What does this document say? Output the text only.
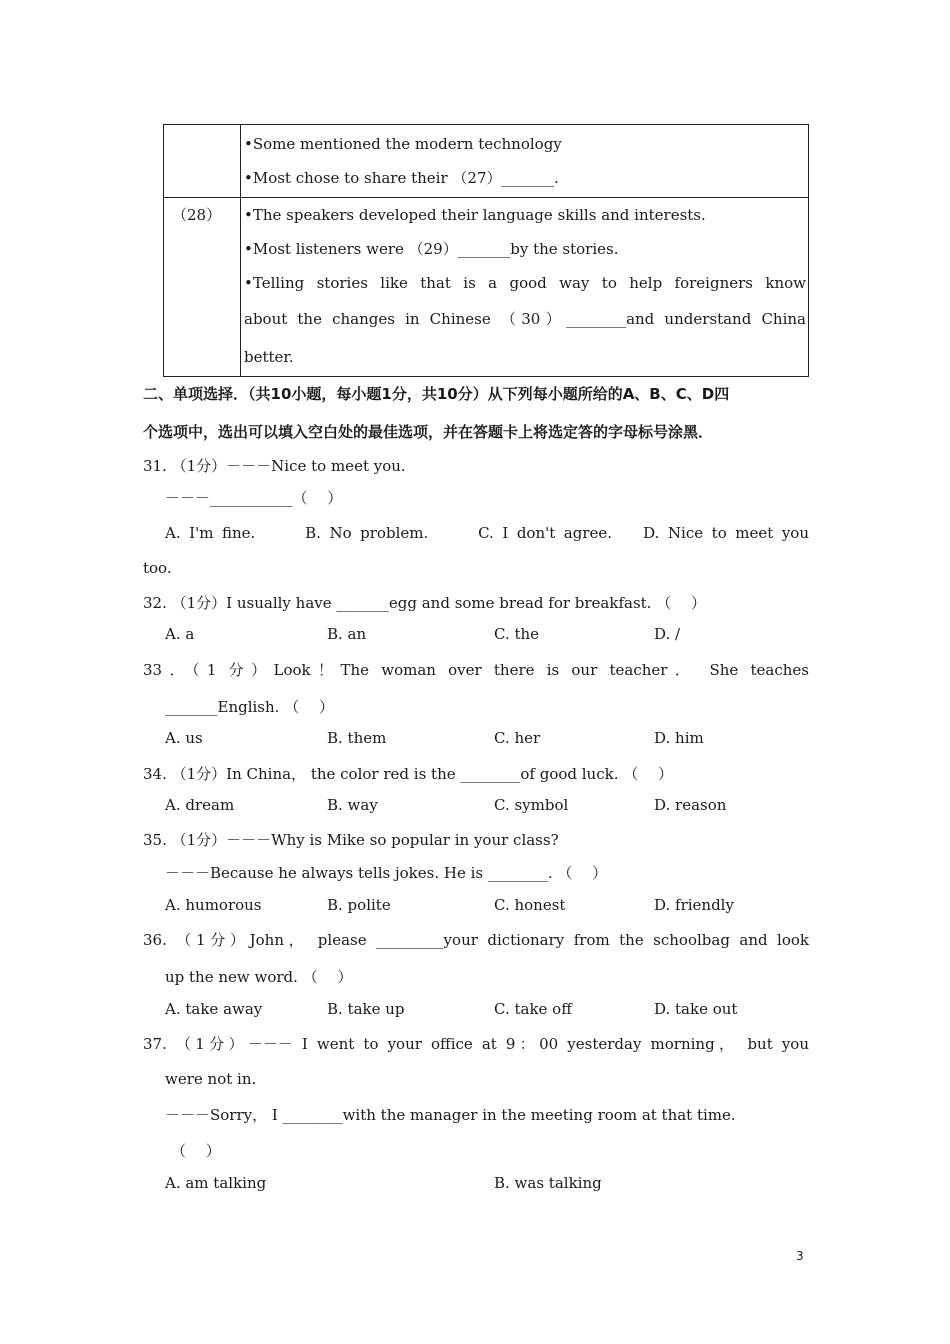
	•Some mentioned the modern technology
•Most chose to share their （27）_______.

（28）	•The speakers developed their language skills and interests.
•Most listeners were （29）_______by the stories.
•Telling stories like that is a good way to help foreigners know
about the changes in Chinese （30）________and understand China
better.
二、单项选择．（共10小题，每小题1分，共10分）从下列每小题所给的A、B、C、D四
个选项中，选出可以填入空白处的最佳选项，并在答题卡上将选定答的字母标号涂黑．
31. （1分）－－－Nice to meet you.
－－－___________（　 ）
A. I'm fine.　　 B. No problem.　　 C. I don't agree.　 D. Nice to meet you
too.
32. （1分）I usually have _______egg and some bread for breakfast. （　 ）
A. a	B. an	C. the	D. /
33．（1 分）Look！The woman over there is our teacher． She teaches
_______English. （　 ）
A. us	B. them	C. her	D. him
34. （1分）In China， the color red is the ________of good luck. （　 ）
A. dream	B. way	C. symbol	D. reason
35. （1分）－－－Why is Mike so popular in your class?
－－－Because he always tells jokes. He is ________. （　 ）
A. humorous	B. polite	C. honest	D. friendly
36. （1分）John， please _________your dictionary from the schoolbag and look
up the new word. （　 ）
A. take away	B. take up	C. take off	D. take out
37. （1分）－－－ I went to your office at 9：00 yesterday morning， but you
were not in.
－－－Sorry， I ________with the manager in the meeting room at that time.
（　 ）
A. am talking	B. was talking
3
